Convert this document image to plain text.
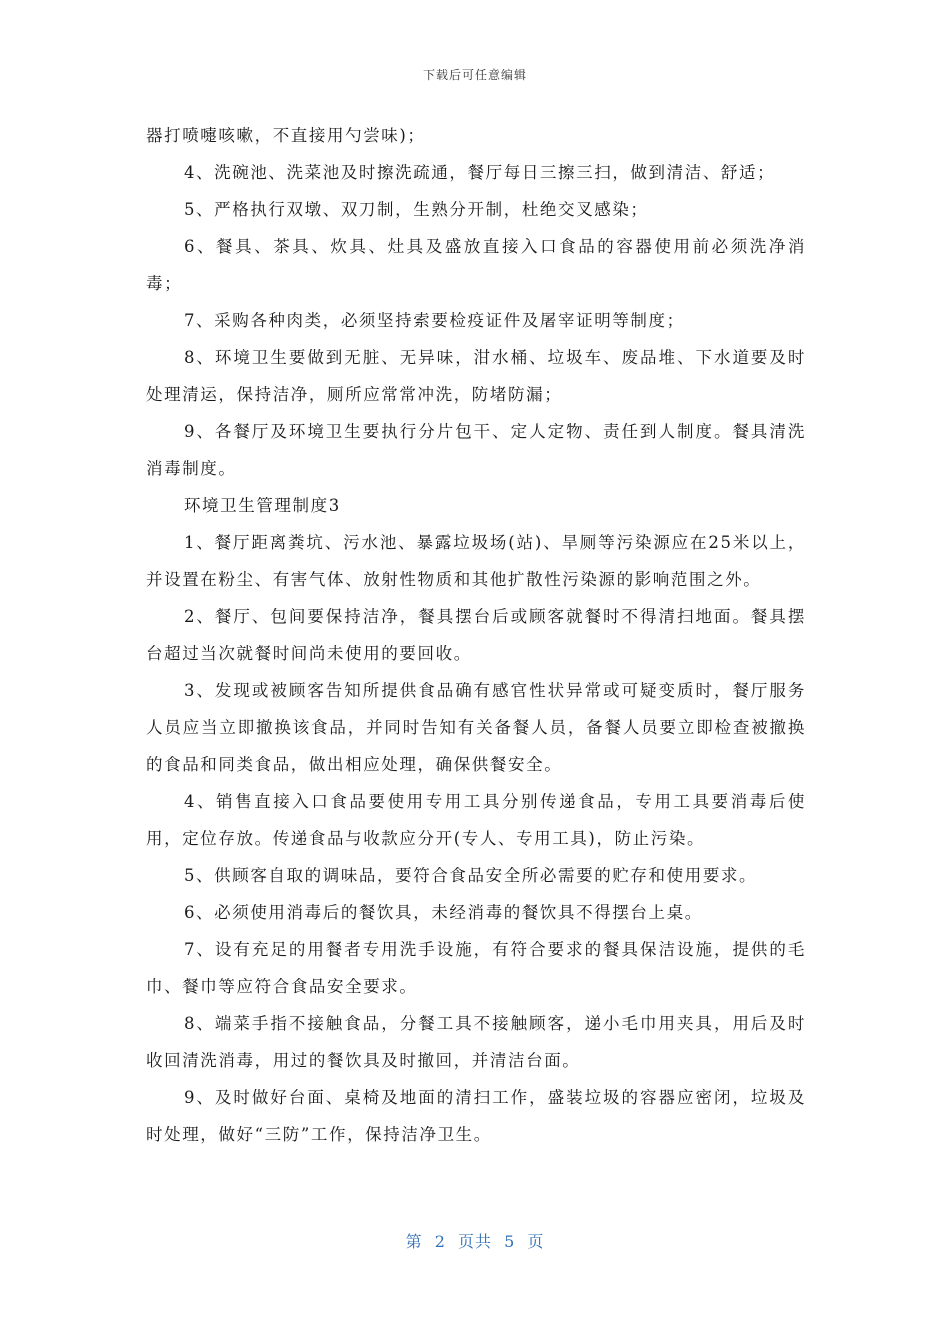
下载后可任意编辑

器打喷嚏咳嗽，不直接用勺尝味)；

4、洗碗池、洗菜池及时擦洗疏通，餐厅每日三擦三扫，做到清洁、舒适；

5、严格执行双墩、双刀制，生熟分开制，杜绝交叉感染；

6、餐具、茶具、炊具、灶具及盛放直接入口食品的容器使用前必须洗净消毒；

7、采购各种肉类，必须坚持索要检疫证件及屠宰证明等制度；

8、环境卫生要做到无脏、无异味，泔水桶、垃圾车、废品堆、下水道要及时处理清运，保持洁净，厕所应常常冲洗，防堵防漏；

9、各餐厅及环境卫生要执行分片包干、定人定物、责任到人制度。餐具清洗消毒制度。

环境卫生管理制度3

1、餐厅距离粪坑、污水池、暴露垃圾场(站)、旱厕等污染源应在25米以上，并设置在粉尘、有害气体、放射性物质和其他扩散性污染源的影响范围之外。

2、餐厅、包间要保持洁净，餐具摆台后或顾客就餐时不得清扫地面。餐具摆台超过当次就餐时间尚未使用的要回收。

3、发现或被顾客告知所提供食品确有感官性状异常或可疑变质时，餐厅服务人员应当立即撤换该食品，并同时告知有关备餐人员，备餐人员要立即检查被撤换的食品和同类食品，做出相应处理，确保供餐安全。

4、销售直接入口食品要使用专用工具分别传递食品，专用工具要消毒后使用，定位存放。传递食品与收款应分开(专人、专用工具)，防止污染。

5、供顾客自取的调味品，要符合食品安全所必需要的贮存和使用要求。

6、必须使用消毒后的餐饮具，未经消毒的餐饮具不得摆台上桌。

7、设有充足的用餐者专用洗手设施，有符合要求的餐具保洁设施，提供的毛巾、餐巾等应符合食品安全要求。

8、端菜手指不接触食品，分餐工具不接触顾客，递小毛巾用夹具，用后及时收回清洗消毒，用过的餐饮具及时撤回，并清洁台面。

9、及时做好台面、桌椅及地面的清扫工作，盛装垃圾的容器应密闭，垃圾及时处理，做好“三防”工作，保持洁净卫生。

第 2 页共 5 页
